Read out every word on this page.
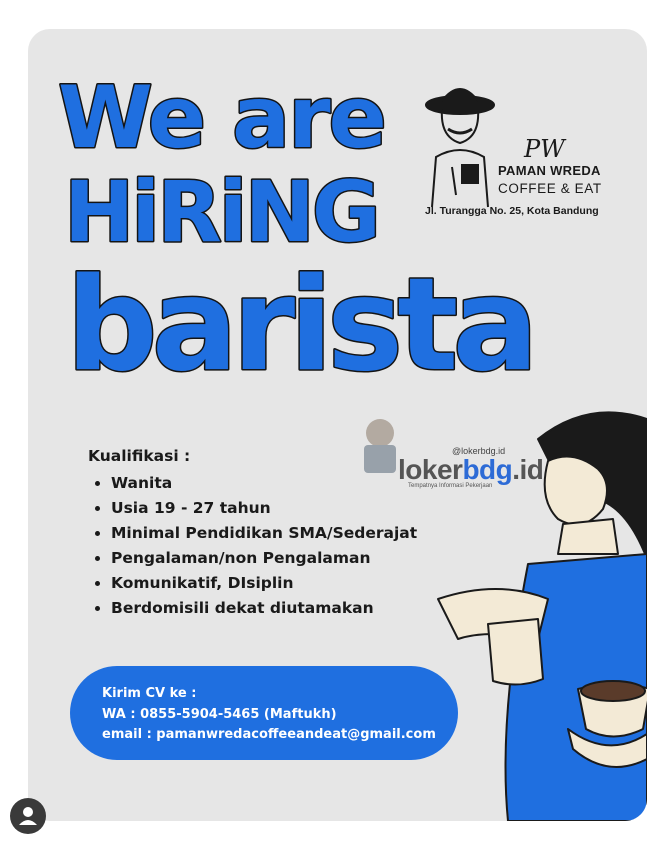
We are
HiRiNG
barista
PW
PAMAN WREDA
COFFEE & EAT
Jl. Turangga No. 25, Kota Bandung
@lokerbdg.id
lokerbdg.id
Tempatnya Informasi Pekerjaan
Kualifikasi :
• Wanita
• Usia 19 - 27 tahun
• Minimal Pendidikan SMA/Sederajat
• Pengalaman/non Pengalaman
• Komunikatif, DIsiplin
• Berdomisili dekat diutamakan
Kirim CV ke :
WA : 0855-5904-5465 (Maftukh)
email : pamanwredacoffeeandeat@gmail.com
